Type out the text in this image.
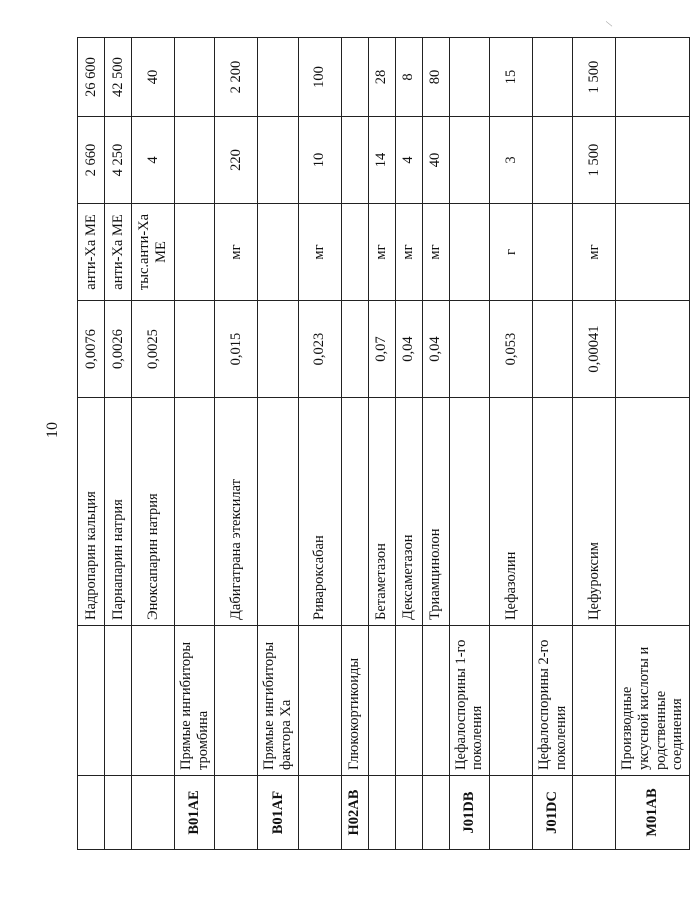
10
/
		Надропарин кальция	0,0076	анти-Ха МЕ	2 660	26 600
		Парнапарин натрия	0,0026	анти-Ха МЕ	4 250	42 500
		Эноксапарин натрия	0,0025	тыс.анти-Ха МЕ	4	40
B01AE	Прямые ингибиторы тромбина					
		Дабигатрана этексилат	0,015	мг	220	2 200
B01AF	Прямые ингибиторы фактора Ха					
		Ривароксабан	0,023	мг	10	100
H02AB	Глюкокортикоиды					
		Бетаметазон	0,07	мг	14	28
		Дексаметазон	0,04	мг	4	8
		Триамцинолон	0,04	мг	40	80
J01DB	Цефалоспорины 1-го поколения					
		Цефазолин	0,053	г	3	15
J01DC	Цефалоспорины 2-го поколения					
		Цефуроксим	0,00041	мг	1 500	1 500
M01AB	Производные уксусной кислоты и родственные соединения					
